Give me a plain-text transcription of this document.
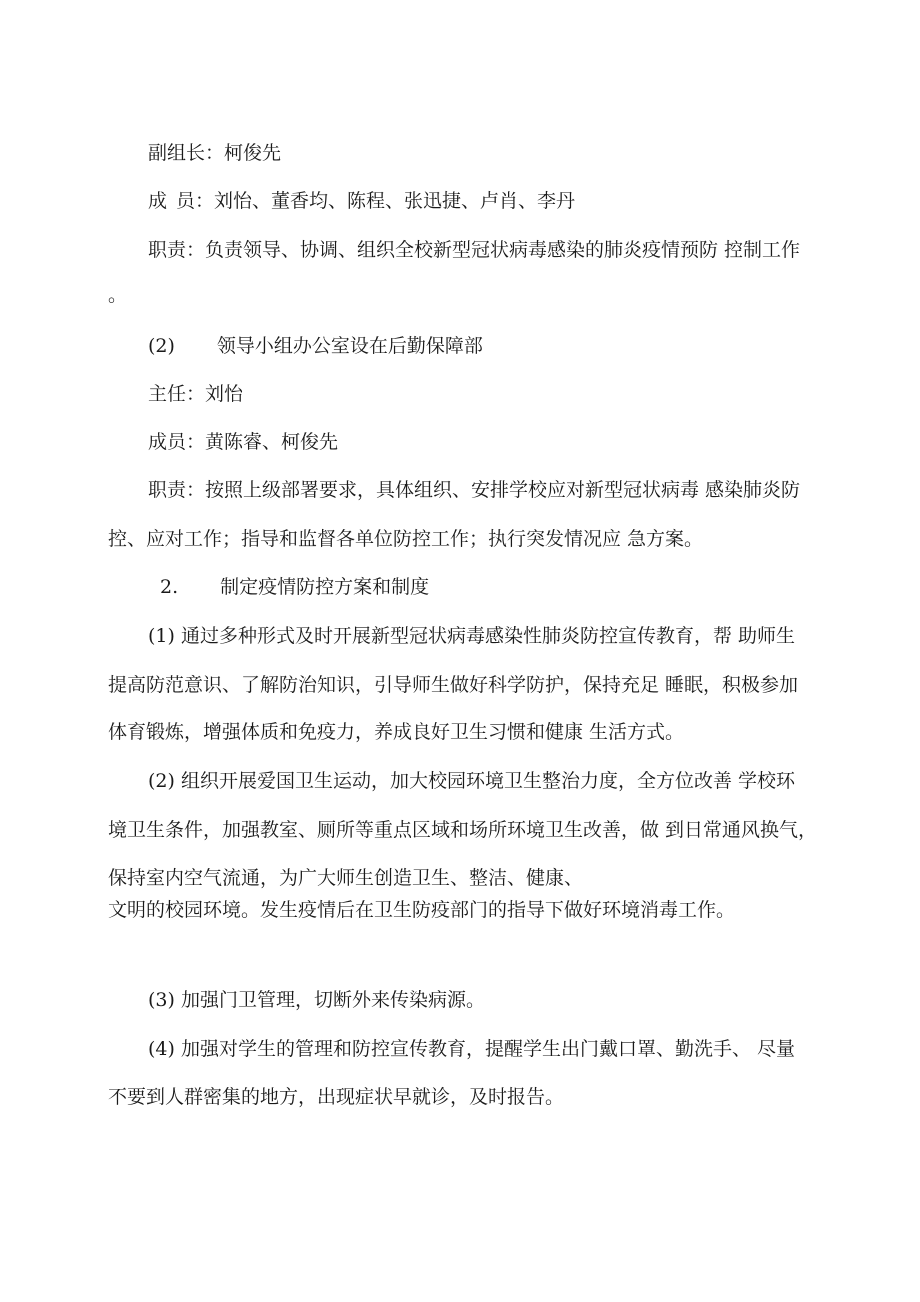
副组长：柯俊先
成 员：刘怡、董香均、陈程、张迅捷、卢肖、李丹
职责：负责领导、协调、组织全校新型冠状病毒感染的肺炎疫情预防 控制工作
。
(2) 领导小组办公室设在后勤保障部
主任：刘怡
成员：黄陈睿、柯俊先
职责：按照上级部署要求，具体组织、安排学校应对新型冠状病毒 感染肺炎防
控、应对工作；指导和监督各单位防控工作；执行突发情况应 急方案。
2. 制定疫情防控方案和制度
(1) 通过多种形式及时开展新型冠状病毒感染性肺炎防控宣传教育，帮 助师生
提高防范意识、了解防治知识，引导师生做好科学防护，保持充足 睡眠，积极参加
体育锻炼，增强体质和免疫力，养成良好卫生习惯和健康 生活方式。
(2) 组织开展爱国卫生运动，加大校园环境卫生整治力度，全方位改善 学校环
境卫生条件，加强教室、厕所等重点区域和场所环境卫生改善，做 到日常通风换气，
保持室内空气流通，为广大师生创造卫生、整洁、健康、
文明的校园环境。发生疫情后在卫生防疫部门的指导下做好环境消毒工作。
(3) 加强门卫管理，切断外来传染病源。
(4) 加强对学生的管理和防控宣传教育，提醒学生出门戴口罩、勤洗手、 尽量
不要到人群密集的地方，出现症状早就诊，及时报告。
